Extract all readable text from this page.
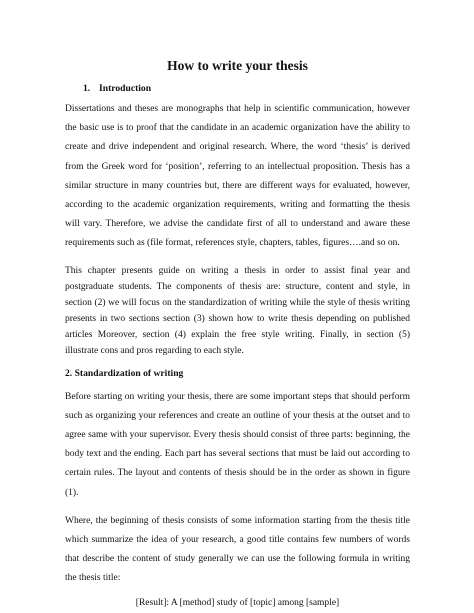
How to write your thesis
1. Introduction

Dissertations and theses are monographs that help in scientific communication, however the basic use is to proof that the candidate in an academic organization have the ability to create and drive independent and original research. Where, the word ‘thesis’ is derived from the Greek word for ‘position’, referring to an intellectual proposition. Thesis has a similar structure in many countries but, there are different ways for evaluated, however, according to the academic organization requirements, writing and formatting the thesis will vary. Therefore, we advise the candidate first of all to understand and aware these requirements such as (file format, references style, chapters, tables, figures….and so on.

This chapter presents guide on writing a thesis in order to assist final year and postgraduate students. The components of thesis are: structure, content and style, in section (2) we will focus on the standardization of writing while the style of thesis writing presents in two sections section (3) shown how to write thesis depending on published articles Moreover, section (4) explain the free style writing. Finally, in section (5) illustrate cons and pros regarding to each style.

2. Standardization of writing

Before starting on writing your thesis, there are some important steps that should perform such as organizing your references and create an outline of your thesis at the outset and to agree same with your supervisor. Every thesis should consist of three parts: beginning, the body text and the ending. Each part has several sections that must be laid out according to certain rules. The layout and contents of thesis should be in the order as shown in figure (1).

Where, the beginning of thesis consists of some information starting from the thesis title which summarize the idea of your research, a good title contains few numbers of words that describe the content of study generally we can use the following formula in writing the thesis title:

[Result]: A [method] study of [topic] among [sample]
